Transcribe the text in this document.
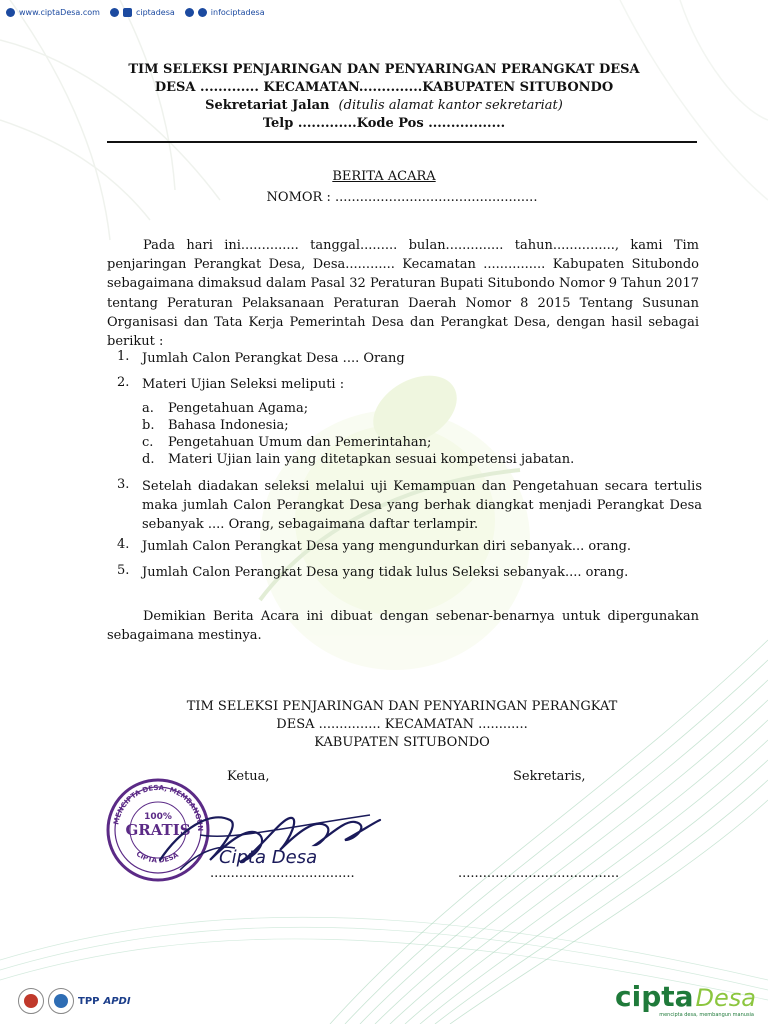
www.ciptaDesa.com	ciptadesa	infociptadesa
TIM SELEKSI PENJARINGAN DAN PENYARINGAN PERANGKAT DESA
DESA ............. KECAMATAN..............KABUPATEN SITUBONDO
Sekretariat Jalan (ditulis alamat kantor sekretariat)
Telp .............Kode Pos .................
BERITA ACARA
NOMOR : .................................................
Pada hari ini.............. tanggal......... bulan.............. tahun..............., kami Tim penjaringan Perangkat Desa, Desa............ Kecamatan ............... Kabupaten Situbondo sebagaimana dimaksud dalam Pasal 32 Peraturan Bupati Situbondo Nomor 9 Tahun 2017 tentang Peraturan Pelaksanaan Peraturan Daerah Nomor 8 2015 Tentang Susunan Organisasi dan Tata Kerja Pemerintah Desa dan Perangkat Desa, dengan hasil sebagai berikut :
1. Jumlah Calon Perangkat Desa .... Orang
2. Materi Ujian Seleksi meliputi :
a. Pengetahuan Agama;
b. Bahasa Indonesia;
c. Pengetahuan Umum dan Pemerintahan;
d. Materi Ujian lain yang ditetapkan sesuai kompetensi jabatan.
3. Setelah diadakan seleksi melalui uji Kemampuan dan Pengetahuan secara tertulis maka jumlah Calon Perangkat Desa yang berhak diangkat menjadi Perangkat Desa sebanyak .... Orang, sebagaimana daftar terlampir.
4. Jumlah Calon Perangkat Desa yang mengundurkan diri sebanyak... orang.
5. Jumlah Calon Perangkat Desa yang tidak lulus Seleksi sebanyak.... orang.
Demikian Berita Acara ini dibuat dengan sebenar-benarnya untuk dipergunakan sebagaimana mestinya.
TIM SELEKSI PENJARINGAN DAN PENYARINGAN PERANGKAT
DESA ............... KECAMATAN ............
KABUPATEN SITUBONDO
Ketua,	Sekretaris,
MENCIPTA DESA, MEMBANGUN
CIPTA DESA
100%
GRATIS
Cipta Desa
...................................	.......................................
TPP APDI	cipta Desa
mencipta desa, membangun manusia
